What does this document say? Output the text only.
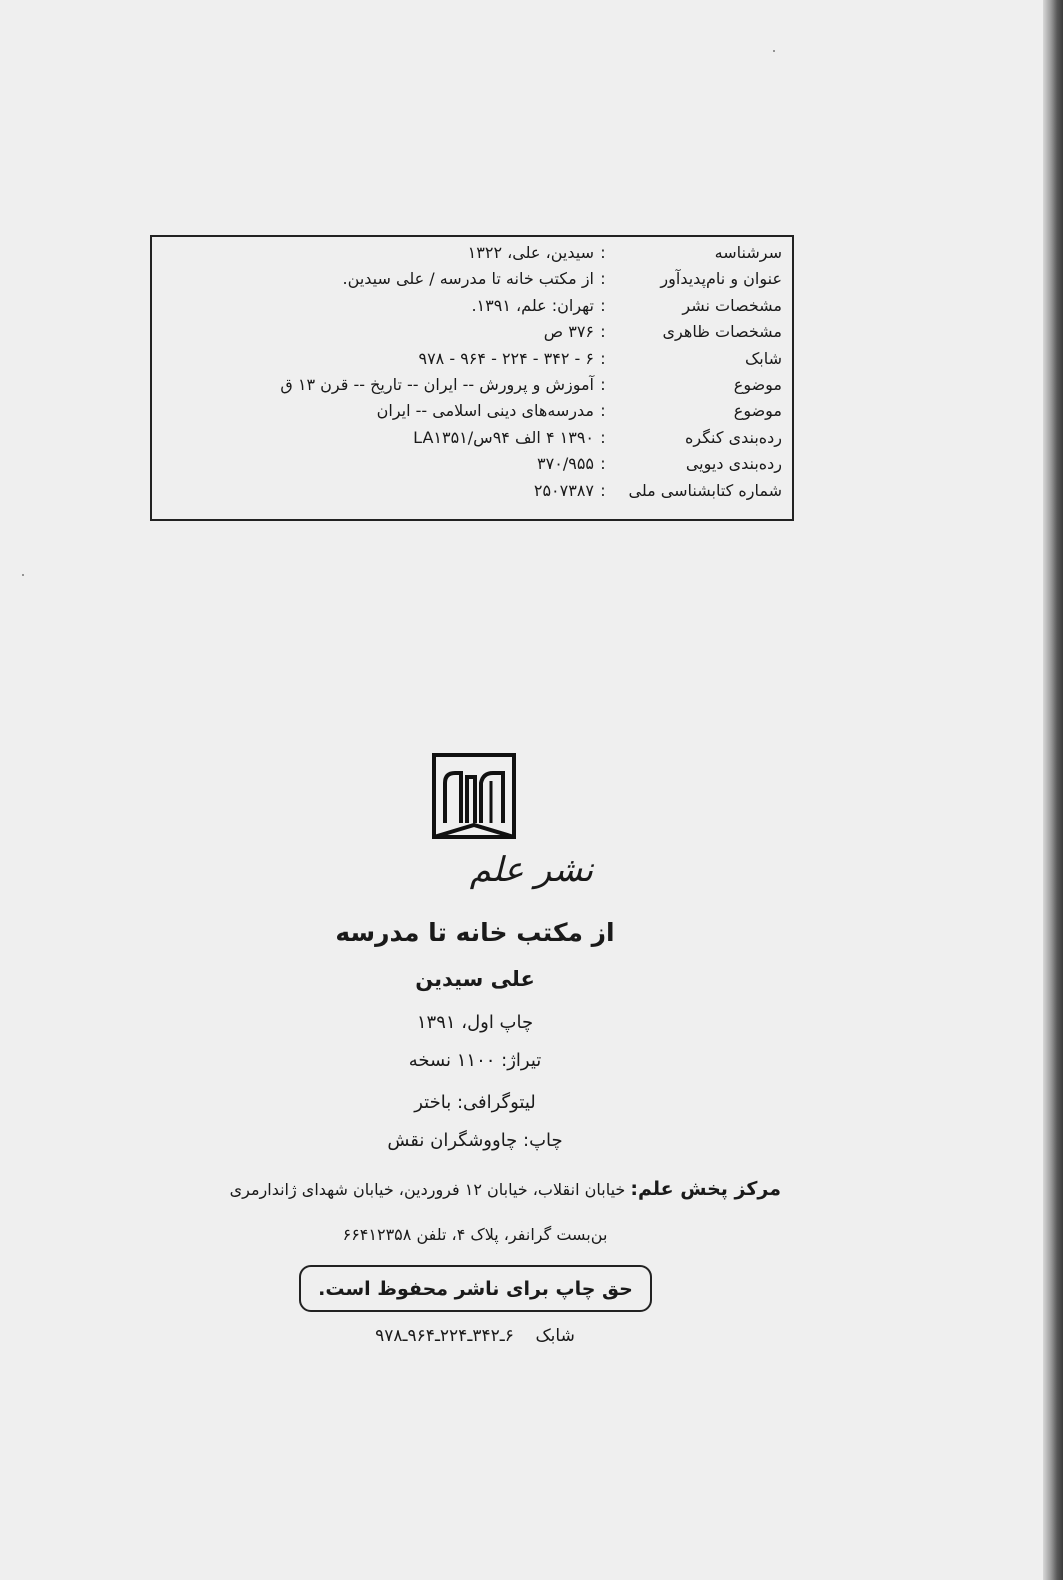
سرشناسه
:
سیدین، علی، ۱۳۲۲
عنوان و نام‌پدیدآور
:
از مکتب خانه تا مدرسه / علی سیدین.
مشخصات نشر
:
تهران: علم، ۱۳۹۱.
مشخصات ظاهری
:
۳۷۶ ص
شابک
:
۶ - ۳۴۲ - ۲۲۴ - ۹۶۴ - ۹۷۸
موضوع
:
آموزش و پرورش -- ایران -- تاریخ -- قرن ۱۳ ق
موضوع
:
مدرسه‌های دینی اسلامی -- ایران
رده‌بندی کنگره
:
۱۳۹۰ ۴ الف ۹۴س/LA۱۳۵۱
رده‌بندی دیویی
:
۳۷۰/۹۵۵
شماره کتابشناسی ملی
:
۲۵۰۷۳۸۷
نشر علم
از مکتب خانه تا مدرسه
علی سیدین
چاپ اول، ۱۳۹۱
تیراژ: ۱۱۰۰ نسخه
لیتوگرافی: باختر
چاپ: چاووشگران نقش
مرکز پخش علم: خیابان انقلاب، خیابان ۱۲ فروردین، خیابان شهدای ژاندارمری
بن‌بست گرانفر، پلاک ۴، تلفن ۶۶۴۱۲۳۵۸
حق چاپ برای ناشر محفوظ است.
شابک    ۶ـ۳۴۲ـ۲۲۴ـ۹۶۴ـ۹۷۸
